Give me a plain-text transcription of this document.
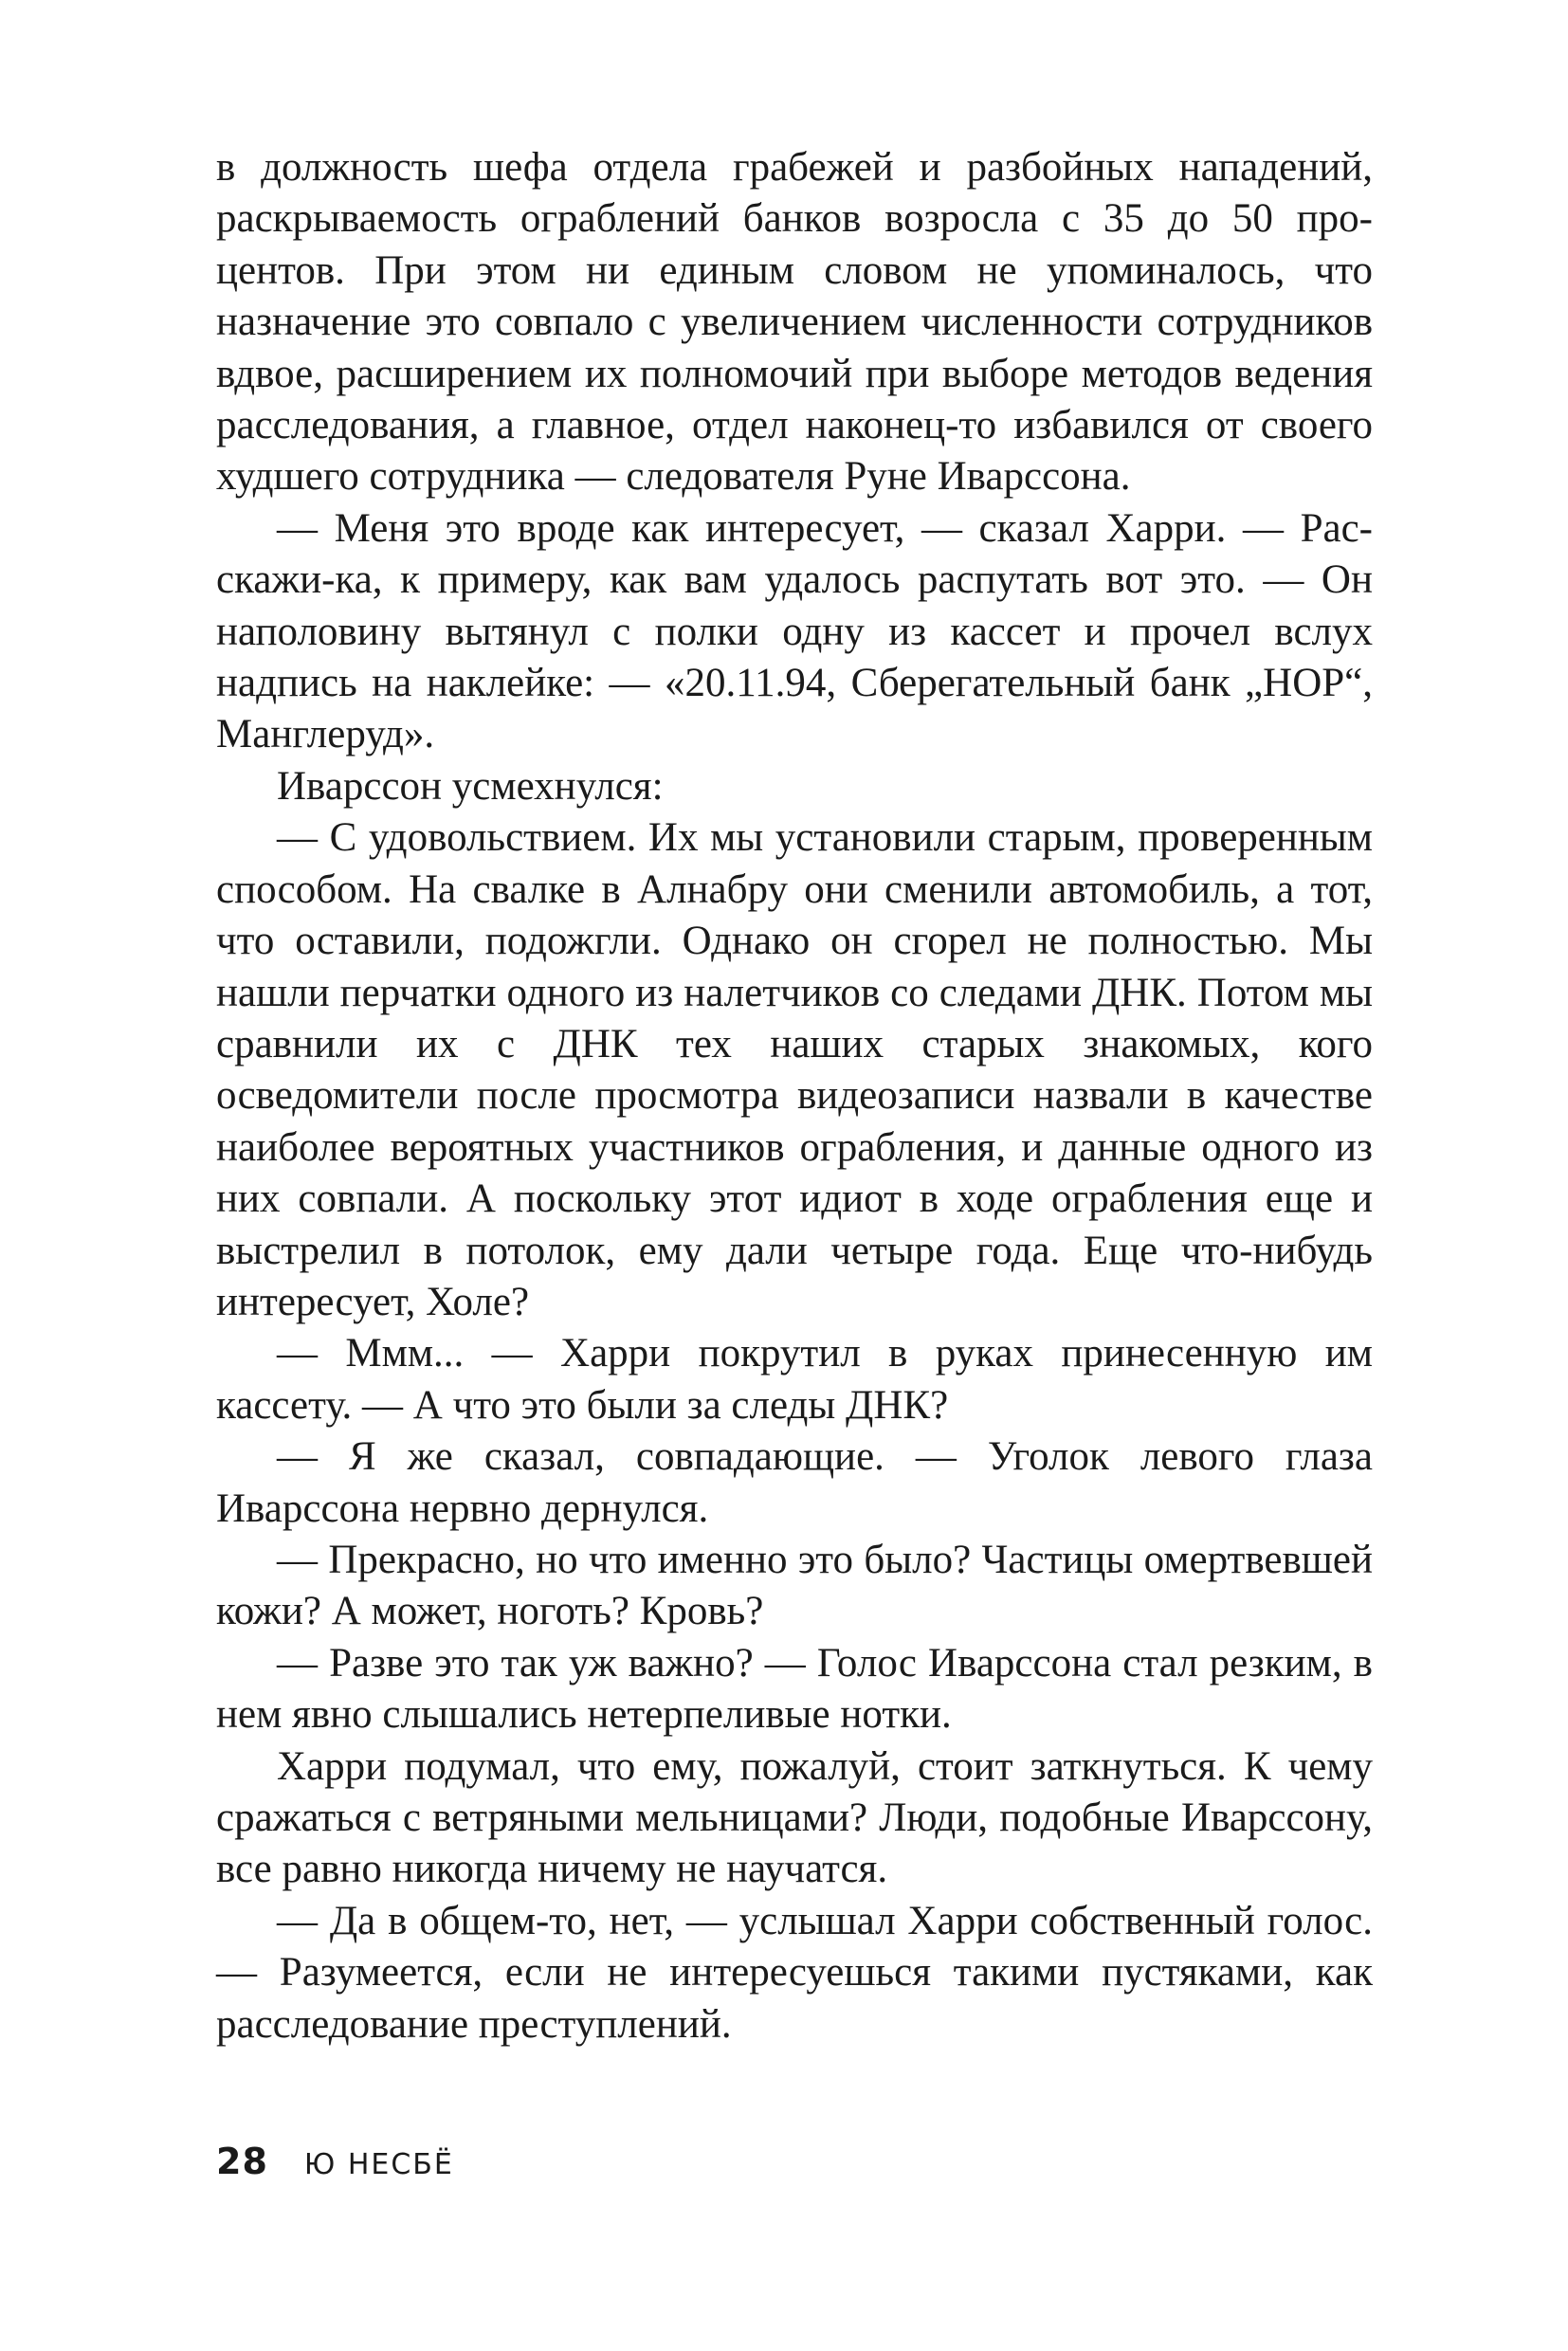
в должность шефа отдела грабежей и разбойных нападений, раскрываемость ограблений банков возросла с 35 до 50 процентов. При этом ни единым словом не упоминалось, что назначение это совпало с увеличением численности сотрудников вдвое, расширением их полномочий при выборе методов ведения расследования, а главное, отдел наконец-то избавился от своего худшего сотрудника — следователя Руне Иварссона.

— Меня это вроде как интересует, — сказал Харри. — Расскажи-ка, к примеру, как вам удалось распутать вот это. — Он наполовину вытянул с полки одну из кассет и прочел вслух надпись на наклейке: — «20.11.94, Сберегательный банк „НОР“, Манглеруд».

Иварссон усмехнулся:

— С удовольствием. Их мы установили старым, проверенным способом. На свалке в Алнабру они сменили автомобиль, а тот, что оставили, подожгли. Однако он сгорел не полностью. Мы нашли перчатки одного из налетчиков со следами ДНК. Потом мы сравнили их с ДНК тех наших старых знакомых, кого осведомители после просмотра видеозаписи назвали в качестве наиболее вероятных участников ограбления, и данные одного из них совпали. А поскольку этот идиот в ходе ограбления еще и выстрелил в потолок, ему дали четыре года. Еще что-нибудь интересует, Холе?

— Ммм... — Харри покрутил в руках принесенную им кассету. — А что это были за следы ДНК?

— Я же сказал, совпадающие. — Уголок левого глаза Иварссона нервно дернулся.

— Прекрасно, но что именно это было? Частицы омертвевшей кожи? А может, ноготь? Кровь?

— Разве это так уж важно? — Голос Иварссона стал резким, в нем явно слышались нетерпеливые нотки.

Харри подумал, что ему, пожалуй, стоит заткнуться. К чему сражаться с ветряными мельницами? Люди, подобные Иварссону, все равно никогда ничему не научатся.

— Да в общем-то, нет, — услышал Харри собственный голос. — Разумеется, если не интересуешься такими пустяками, как расследование преступлений.

28 Ю НЕСБЁ
